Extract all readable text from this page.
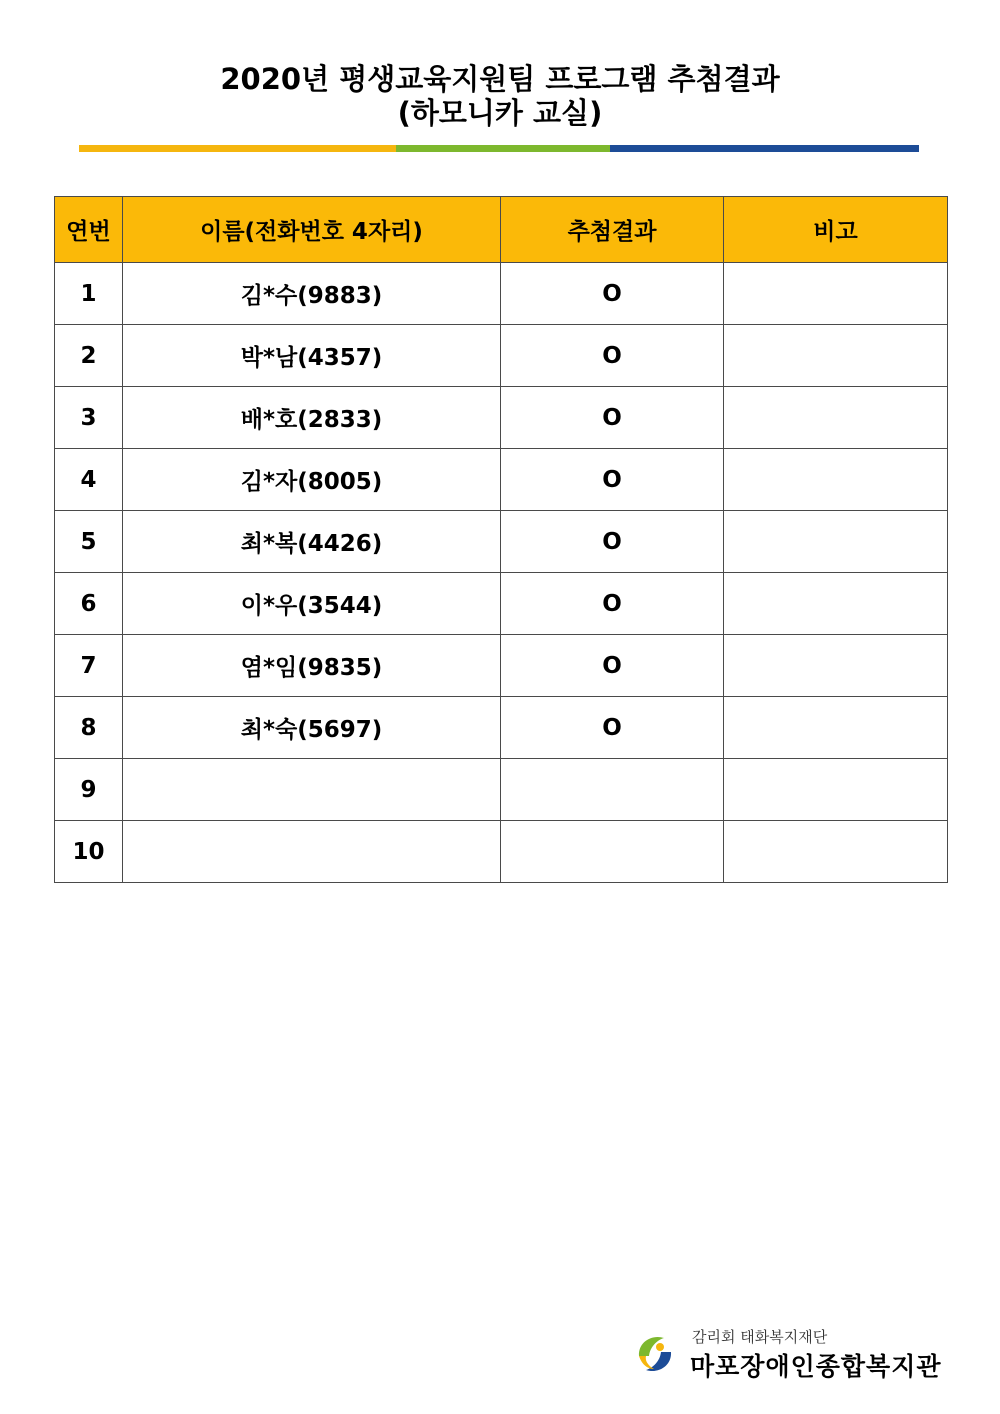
2020년 평생교육지원팀 프로그램 추첨결과
(하모니카 교실)
연번	이름(전화번호 4자리)	추첨결과	비고
1	김*수(9883)	O	
2	박*남(4357)	O	
3	배*호(2833)	O	
4	김*자(8005)	O	
5	최*복(4426)	O	
6	이*우(3544)	O	
7	염*임(9835)	O	
8	최*숙(5697)	O	
9			
10			
감리회 태화복지재단
마포장애인종합복지관
